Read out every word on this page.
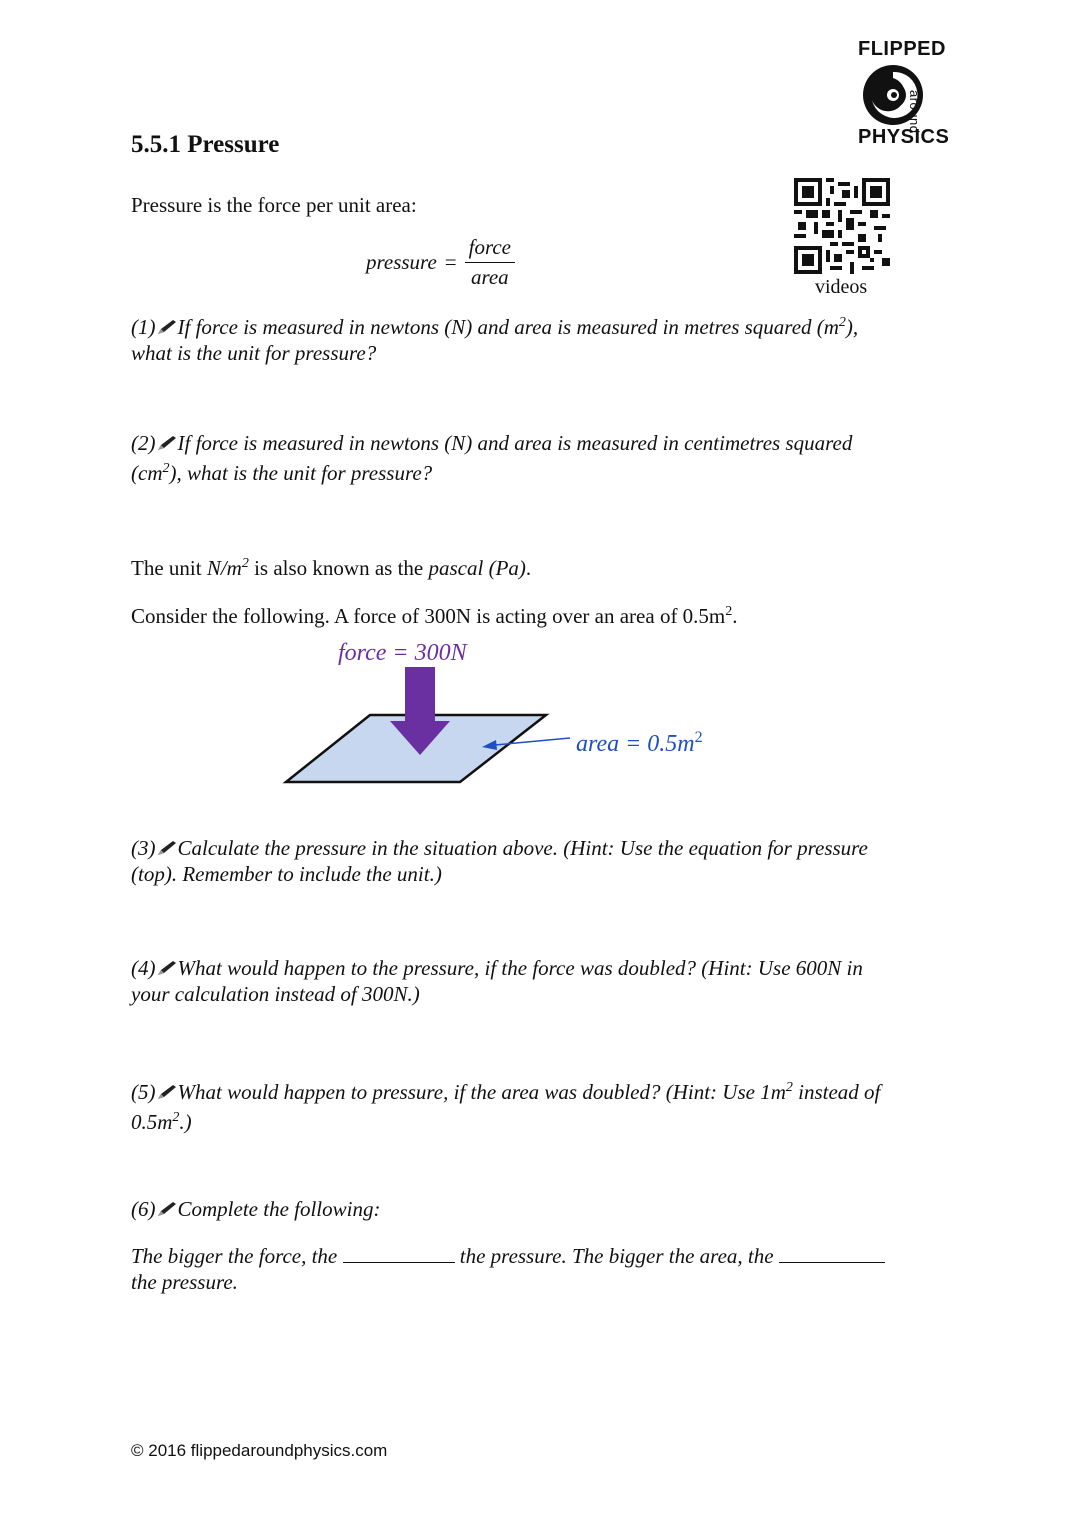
FLIPPED
around
PHYSICS
videos
5.5.1 Pressure
Pressure is the force per unit area:
pressure = $\frac{\text{force}}{\text{area}}$
(1) If force is measured in newtons (N) and area is measured in metres squared $(m^2)$,
what is the unit for pressure?
(2) If force is measured in newtons (N) and area is measured in centimetres squared
$(cm^2)$, what is the unit for pressure?
The unit $N/m^2$ is also known as the pascal (Pa).
Consider the following. A force of 300N is acting over an area of $0.5m^2$.
force = 300N
area = $0.5m^2$
(3) Calculate the pressure in the situation above. (Hint: Use the equation for pressure
(top). Remember to include the unit.)
(4) What would happen to the pressure, if the force was doubled? (Hint: Use 600N in
your calculation instead of 300N.)
(5) What would happen to pressure, if the area was doubled? (Hint: Use $1m^2$ instead of
$0.5m^2$.)
(6) Complete the following:
The bigger the force, the	the pressure. The bigger the area, the
the pressure.
© 2016 flippedaroundphysics.com
